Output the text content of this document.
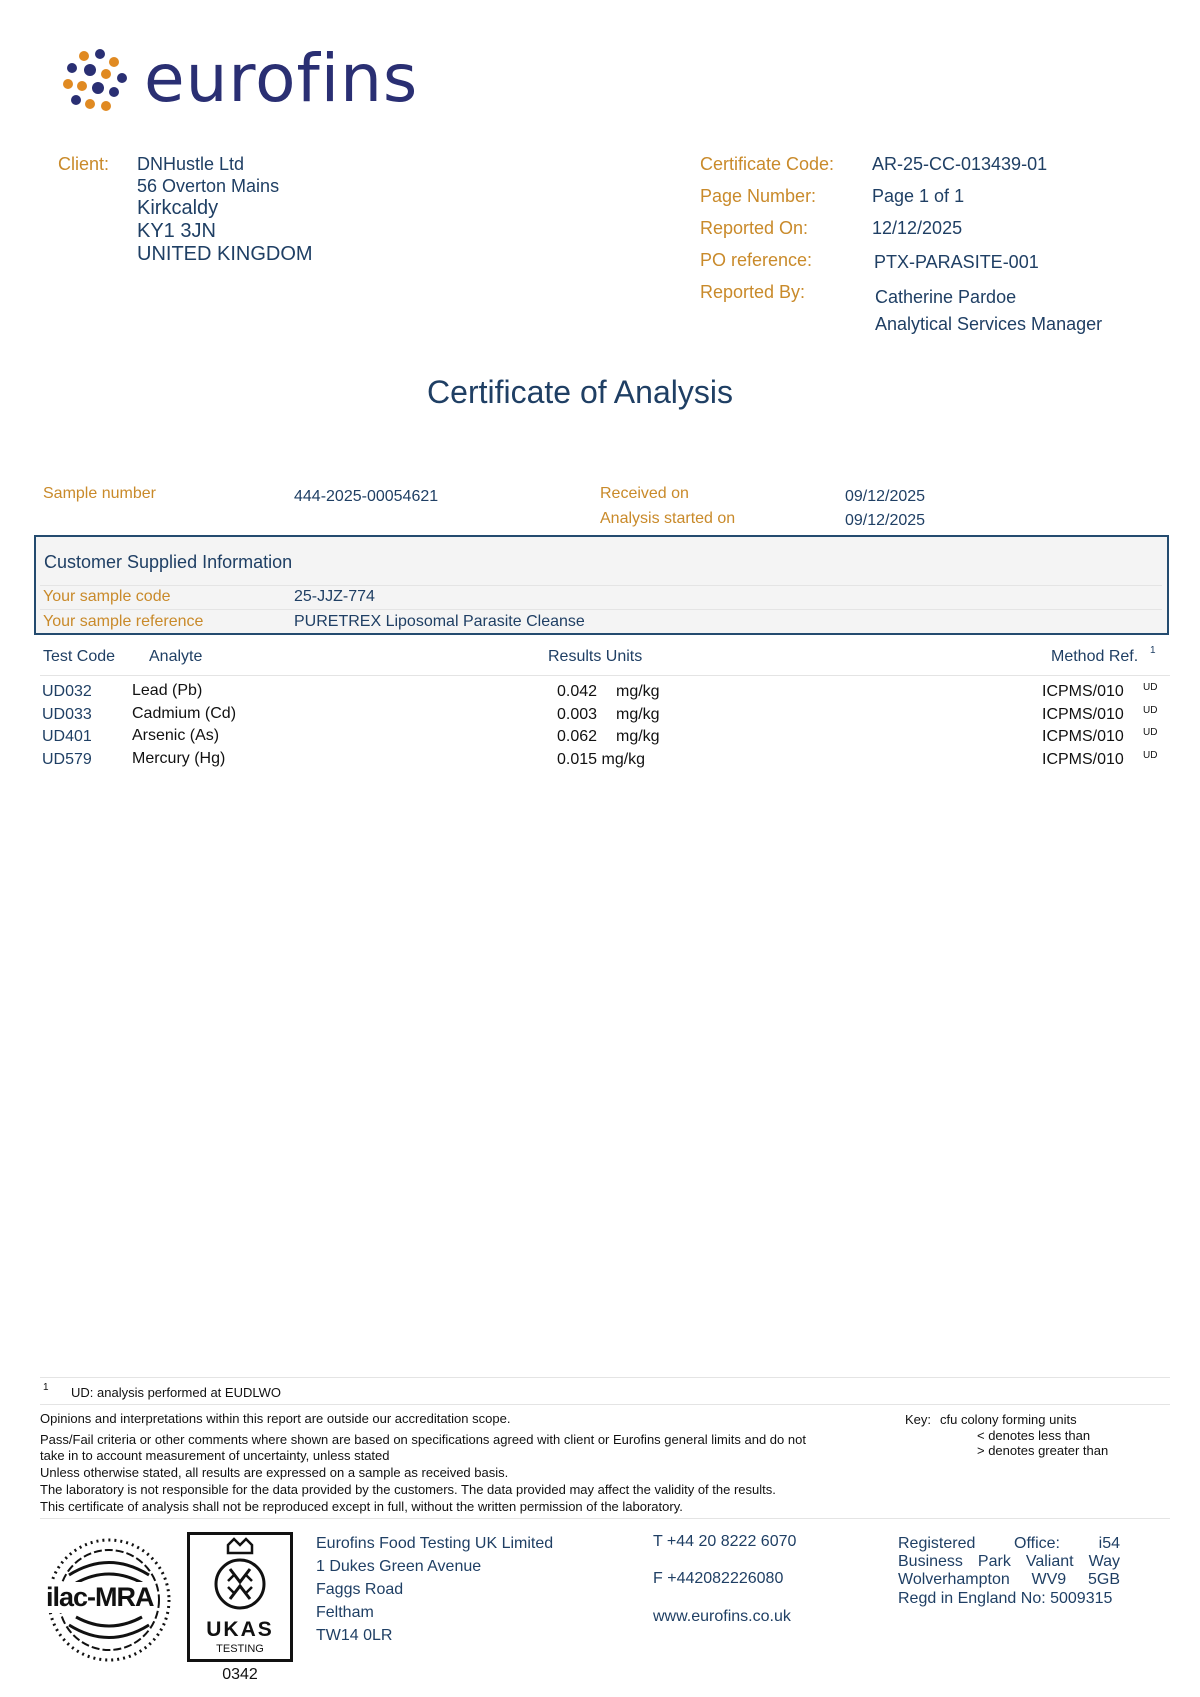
eurofins
Client: DNHustle Ltd
56 Overton Mains
Kirkcaldy
KY1 3JN
UNITED KINGDOM
Certificate Code: AR-25-CC-013439-01
Page Number:	Page 1 of 1
Reported On:	12/12/2025
PO reference:	PTX-PARASITE-001
Reported By:	Catherine Pardoe
Analytical Services Manager
Certificate of Analysis
Sample number	444-2025-00054621	Received on	09/12/2025
Analysis started on	09/12/2025
Customer Supplied Information
Your sample code	25-JJZ-774
Your sample reference	PURETREX Liposomal Parasite Cleanse
Test Code Analyte	Results Units	Method Ref. 1
UD032	Lead (Pb)	0.042 mg/kg	ICPMS/010 UD
UD033	Cadmium (Cd)	0.003 mg/kg	ICPMS/010 UD
UD401	Arsenic (As)	0.062 mg/kg	ICPMS/010 UD
UD579	Mercury (Hg)	0.015 mg/kg	ICPMS/010 UD
1 UD: analysis performed at EUDLWO
Opinions and interpretations within this report are outside our accreditation scope.
Pass/Fail criteria or other comments where shown are based on specifications agreed with client or Eurofins general limits and do not
take in to account measurement of uncertainty, unless stated
Unless otherwise stated, all results are expressed on a sample as received basis.
The laboratory is not responsible for the data provided by the customers. The data provided may affect the validity of the results.
This certificate of analysis shall not be reproduced except in full, without the written permission of the laboratory.
Key: cfu colony forming units
< denotes less than
> denotes greater than
ilac-MRA
UKAS
TESTING
0342
Eurofins Food Testing UK Limited
1 Dukes Green Avenue
Faggs Road
Feltham
TW14 0LR
T +44 20 8222 6070
F +442082226080
www.eurofins.co.uk
Registered Office: i54
Business Park Valiant Way
Wolverhampton WV9 5GB
Regd in England No: 5009315
